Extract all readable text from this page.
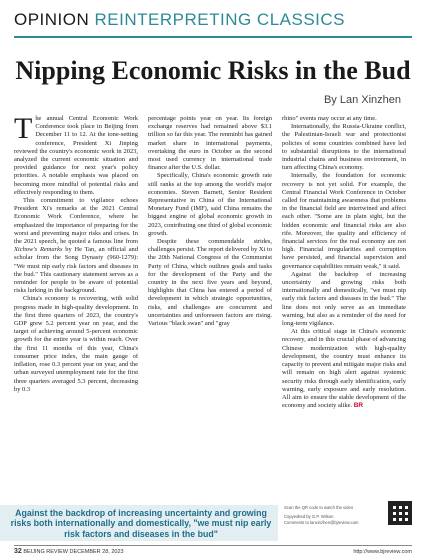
OPINION REINTERPRETING CLASSICS
Nipping Economic Risks in the Bud
By Lan Xinzhen

The annual Central Economic Work Conference took place in Beijing from December 11 to 12. At the tone-setting conference, President Xi Jinping reviewed the country's economic work in 2023, analyzed the current economic situation and provided guidance for next year's policy priorities. A notable emphasis was placed on becoming more mindful of potential risks and effectively responding to them.

This commitment to vigilance echoes President Xi's remarks at the 2021 Central Economic Work Conference, where he emphasized the importance of preparing for the worst and preventing major risks and crises. In the 2021 speech, he quoted a famous line from Xichow's Remarks by He Tan, an official and scholar from the Song Dynasty (960-1279): "We must nip early risk factors and diseases in the bud." This cautionary statement serves as a reminder for people to be aware of potential risks lurking in the background.

China's economy is recovering, with solid progress made in high-quality development. In the first three quarters of 2023, the country's GDP grew 5.2 percent year on year, and the target of achieving around 5-percent economic growth for the entire year is within reach. Over the first 11 months of this year, China's consumer price index, the main gauge of inflation, rose 0.3 percent year on year, and the urban surveyed unemployment rate for the first three quarters averaged 5.3 percent, decreasing by 0.3

percentage points year on year. Its foreign exchange reserves had remained above $3.1 trillion so far this year. The renminbi has gained market share in international payments, overtaking the euro in October as the second most used currency in international trade finance after the U.S. dollar.

Specifically, China's economic growth rate still ranks at the top among the world's major economies. Steven Barnett, Senior Resident Representative in China of the International Monetary Fund (IMF), said China remains the biggest engine of global economic growth in 2023, contributing one third of global economic growth.

Despite these commendable strides, challenges persist. The report delivered by Xi to the 20th National Congress of the Communist Party of China, which outlines goals and tasks for the development of the Party and the country in the next five years and beyond, highlights that China has entered a period of development in which strategic opportunities, risks, and challenges are concurrent and uncertainties and unforeseen factors are rising. Various "black swan" and "gray

rhino" events may occur at any time.

Internationally, the Russia-Ukraine conflict, the Palestinian-Israeli war and protectionist policies of some countries combined have led to substantial disruptions to the international industrial chains and business environment, in turn affecting China's economy.

Internally, the foundation for economic recovery is not yet solid. For example, the Central Financial Work Conference in October called for maintaining awareness that problems in the financial field are intertwined and affect each other. "Some are in plain sight, but the hidden economic and financial risks are also rife. Moreover, the quality and efficiency of financial services for the real economy are not high. Financial irregularities and corruption have persisted, and financial supervision and governance capabilities remain weak," it said.

Against the backdrop of increasing uncertainty and growing risks both internationally and domestically, "we must nip early risk factors and diseases in the bud." The line does not only serve as an immediate warning, but also as a reminder of the need for long-term vigilance.

At this critical stage in China's economic recovery, and in this crucial phase of advancing Chinese modernization with high-quality development, the country must enhance its capacity to prevent and mitigate major risks and will remain on high alert against systemic security risks through early identification, early warning, early exposure and early resolution. All aim to ensure the stable development of the economy and society alike. BR

Against the backdrop of increasing uncertainty and growing risks both internationally and domestically, "we must nip early risk factors and diseases in the bud"
Scan the QR code to watch the video
Copyedited by G.P. Wilson
Comments to lanxinzhen@bjreview.com
32 BEIJING REVIEW DECEMBER 28, 2023	http://www.bjreview.com
